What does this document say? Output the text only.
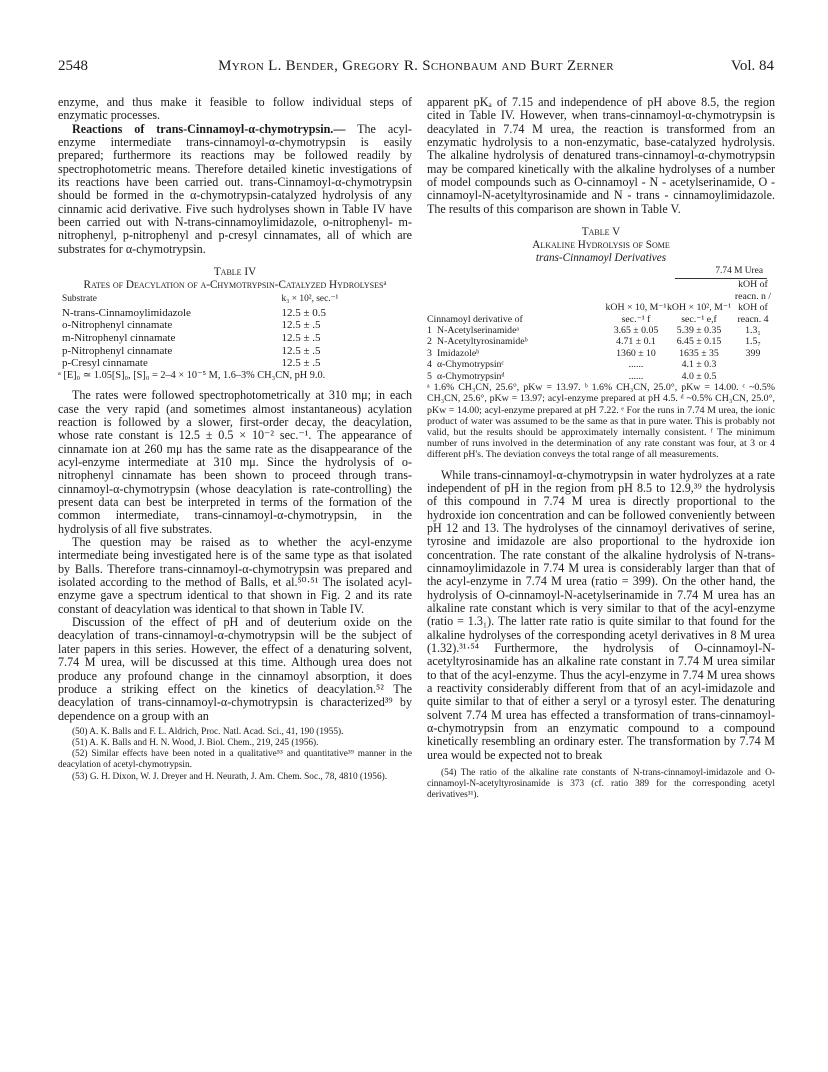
2548	Myron L. Bender, Gregory R. Schonbaum and Burt Zerner	Vol. 84

enzyme, and thus make it feasible to follow individual steps of enzymatic processes.

Reactions of trans-Cinnamoyl-α-chymotrypsin.— The acyl-enzyme intermediate trans-cinnamoyl-α-chymotrypsin is easily prepared; furthermore its reactions may be followed readily by spectrophotometric means. Therefore detailed kinetic investigations of its reactions have been carried out. trans-Cinnamoyl-α-chymotrypsin should be formed in the α-chymotrypsin-catalyzed hydrolysis of any cinnamic acid derivative. Five such hydrolyses shown in Table IV have been carried out with N-trans-cinnamoylimidazole, o-nitrophenyl- m-nitrophenyl, p-nitrophenyl and p-cresyl cinnamates, all of which are substrates for α-chymotrypsin.

Table IV
Rates of Deacylation of α-Chymotrypsin-Catalyzed Hydrolysesᵃ
Substrate	k₃ × 10², sec.⁻¹
N-trans-Cinnamoylimidazole	12.5 ± 0.5
o-Nitrophenyl cinnamate	12.5 ± .5
m-Nitrophenyl cinnamate	12.5 ± .5
p-Nitrophenyl cinnamate	12.5 ± .5
p-Cresyl cinnamate	12.5 ± .5

ᵃ [E]₀ ≃ 1.05[S]₀, [S]₀ = 2–4 × 10⁻⁵ M, 1.6–3% CH₃CN, pH 9.0.

The rates were followed spectrophotometrically at 310 mμ; in each case the very rapid (and sometimes almost instantaneous) acylation reaction is followed by a slower, first-order decay, the deacylation, whose rate constant is 12.5 ± 0.5 × 10⁻² sec.⁻¹. The appearance of cinnamate ion at 260 mμ has the same rate as the disappearance of the acyl-enzyme intermediate at 310 mμ. Since the hydrolysis of o-nitrophenyl cinnamate has been shown to proceed through trans-cinnamoyl-α-chymotrypsin (whose deacylation is rate-controlling) the present data can best be interpreted in terms of the formation of the common intermediate, trans-cinnamoyl-α-chymotrypsin, in the hydrolysis of all five substrates.

The question may be raised as to whether the acyl-enzyme intermediate being investigated here is of the same type as that isolated by Balls. Therefore trans-cinnamoyl-α-chymotrypsin was prepared and isolated according to the method of Balls, et al.⁵⁰·⁵¹ The isolated acyl-enzyme gave a spectrum identical to that shown in Fig. 2 and its rate constant of deacylation was identical to that shown in Table IV.

Discussion of the effect of pH and of deuterium oxide on the deacylation of trans-cinnamoyl-α-chymotrypsin will be the subject of later papers in this series. However, the effect of a denaturing solvent, 7.74 M urea, will be discussed at this time. Although urea does not produce any profound change in the cinnamoyl absorption, it does produce a striking effect on the kinetics of deacylation.⁵² The deacylation of trans-cinnamoyl-α-chymotrypsin is characterized³⁹ by dependence on a group with an

(50) A. K. Balls and F. L. Aldrich, Proc. Natl. Acad. Sci., 41, 190 (1955).

(51) A. K. Balls and H. N. Wood, J. Biol. Chem., 219, 245 (1956).

(52) Similar effects have been noted in a qualitative⁵³ and quantitative³⁹ manner in the deacylation of acetyl-chymotrypsin.

(53) G. H. Dixon, W. J. Dreyer and H. Neurath, J. Am. Chem. Soc., 78, 4810 (1956).

apparent pKₐ of 7.15 and independence of pH above 8.5, the region cited in Table IV. However, when trans-cinnamoyl-α-chymotrypsin is deacylated in 7.74 M urea, the reaction is transformed from an enzymatic hydrolysis to a non-enzymatic, base-catalyzed hydrolysis. The alkaline hydrolysis of denatured trans-cinnamoyl-α-chymotrypsin may be compared kinetically with the alkaline hydrolyses of a number of model compounds such as O-cinnamoyl - N - acetylserinamide, O - cinnamoyl-N-acetyltyrosinamide and N - trans - cinnamoylimidazole. The results of this comparison are shown in Table V.

Table V
Alkaline Hydrolysis of Some
trans-Cinnamoyl Derivatives
7.74 M Urea
Cinnamoyl derivative of		kOH × 10, M⁻¹ sec.⁻¹ f	kOH × 10², M⁻¹ sec.⁻¹ e,f	kOH of reacn. n / kOH of reacn. 4
1	N-Acetylserinamideᵃ	3.65 ± 0.05	5.39 ± 0.35	1.3₁
2	N-Acetyltyrosinamideᵇ	4.71 ± 0.1	6.45 ± 0.15	1.5₇
3	Imidazoleᵇ	1360 ± 10	1635 ± 35	399
4	α-Chymotrypsinᶜ	......	4.1 ± 0.3	
5	α-Chymotrypsinᵈ	......	4.0 ± 0.5	

ᵃ 1.6% CH₃CN, 25.6°, pKw = 13.97. ᵇ 1.6% CH₃CN, 25.0°, pKw = 14.00. ᶜ ~0.5% CH₃CN, 25.6°, pKw = 13.97; acyl-enzyme prepared at pH 4.5. ᵈ ~0.5% CH₃CN, 25.0°, pKw = 14.00; acyl-enzyme prepared at pH 7.22. ᵉ For the runs in 7.74 M urea, the ionic product of water was assumed to be the same as that in pure water. This is probably not valid, but the results should be approximately internally consistent. ᶠ The minimum number of runs involved in the determination of any rate constant was four, at 3 or 4 different pH's. The deviation conveys the total range of all measurements.

While trans-cinnamoyl-α-chymotrypsin in water hydrolyzes at a rate independent of pH in the region from pH 8.5 to 12.9,³⁹ the hydrolysis of this compound in 7.74 M urea is directly proportional to the hydroxide ion concentration and can be followed conveniently between pH 12 and 13. The hydrolyses of the cinnamoyl derivatives of serine, tyrosine and imidazole are also proportional to the hydroxide ion concentration. The rate constant of the alkaline hydrolysis of N-trans-cinnamoylimidazole in 7.74 M urea is considerably larger than that of the acyl-enzyme in 7.74 M urea (ratio = 399). On the other hand, the hydrolysis of O-cinnamoyl-N-acetylserinamide in 7.74 M urea has an alkaline rate constant which is very similar to that of the acyl-enzyme (ratio = 1.3₁). The latter rate ratio is quite similar to that found for the alkaline hydrolyses of the corresponding acetyl derivatives in 8 M urea (1.32).³¹·⁵⁴ Furthermore, the hydrolysis of O-cinnamoyl-N-acetyltyrosinamide has an alkaline rate constant in 7.74 M urea similar to that of the acyl-enzyme. Thus the acyl-enzyme in 7.74 M urea shows a reactivity considerably different from that of an acyl-imidazole and quite similar to that of either a seryl or a tyrosyl ester. The denaturing solvent 7.74 M urea has effected a transformation of trans-cinnamoyl-α-chymotrypsin from an enzymatic compound to a compound kinetically resembling an ordinary ester. The transformation by 7.74 M urea would be expected not to break

(54) The ratio of the alkaline rate constants of N-trans-cinnamoyl-imidazole and O-cinnamoyl-N-acetyltyrosinamide is 373 (cf. ratio 389 for the corresponding acetyl derivatives³¹).
